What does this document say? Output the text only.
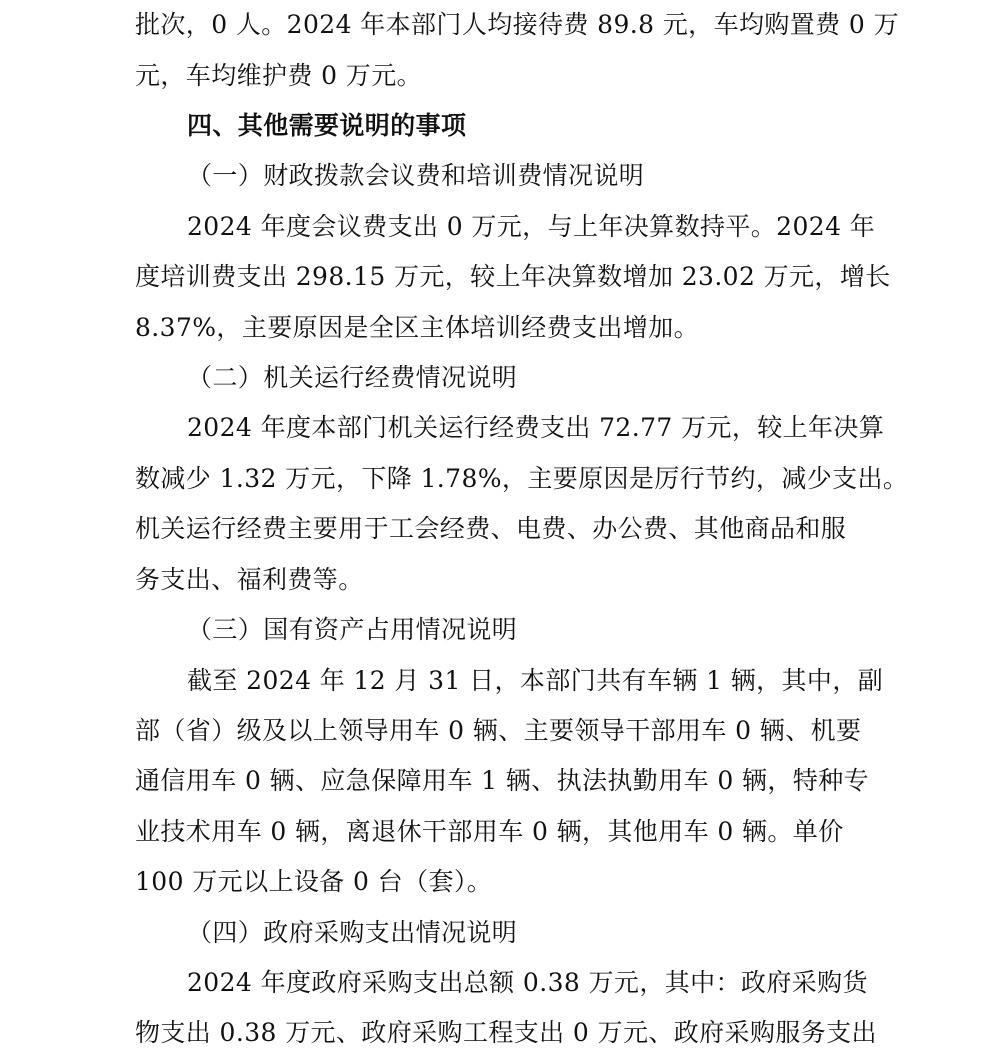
批次，0 人。2024 年本部门人均接待费 89.8 元，车均购置费 0 万
元，车均维护费 0 万元。
四、其他需要说明的事项
（一）财政拨款会议费和培训费情况说明
2024 年度会议费支出 0 万元，与上年决算数持平。2024 年
度培训费支出 298.15 万元，较上年决算数增加 23.02 万元，增长
8.37%，主要原因是全区主体培训经费支出增加。
（二）机关运行经费情况说明
2024 年度本部门机关运行经费支出 72.77 万元，较上年决算
数减少 1.32 万元，下降 1.78%，主要原因是厉行节约，减少支出。
机关运行经费主要用于工会经费、电费、办公费、其他商品和服
务支出、福利费等。
（三）国有资产占用情况说明
截至 2024 年 12 月 31 日，本部门共有车辆 1 辆，其中，副
部（省）级及以上领导用车 0 辆、主要领导干部用车 0 辆、机要
通信用车 0 辆、应急保障用车 1 辆、执法执勤用车 0 辆，特种专
业技术用车 0 辆，离退休干部用车 0 辆，其他用车 0 辆。单价
100 万元以上设备 0 台（套）。
（四）政府采购支出情况说明
2024 年度政府采购支出总额 0.38 万元，其中：政府采购货
物支出 0.38 万元、政府采购工程支出 0 万元、政府采购服务支出
